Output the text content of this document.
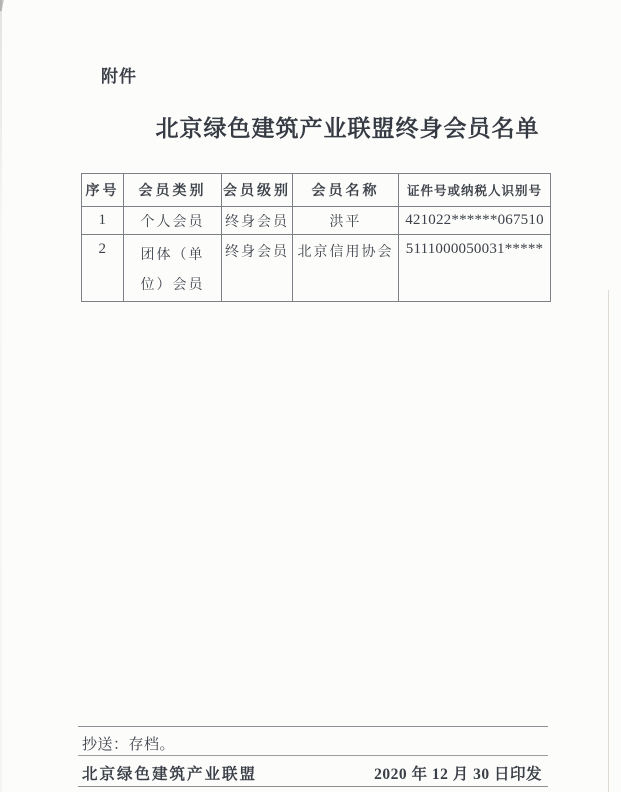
附件
北京绿色建筑产业联盟终身会员名单
序号	会员类别	会员级别	会员名称	证件号或纳税人识别号
1	个人会员	终身会员	洪平	421022******067510
2	团体（单位）会员	终身会员	北京信用协会	5111000050031*****
抄送：存档。
北京绿色建筑产业联盟	2020 年 12 月 30 日印发
